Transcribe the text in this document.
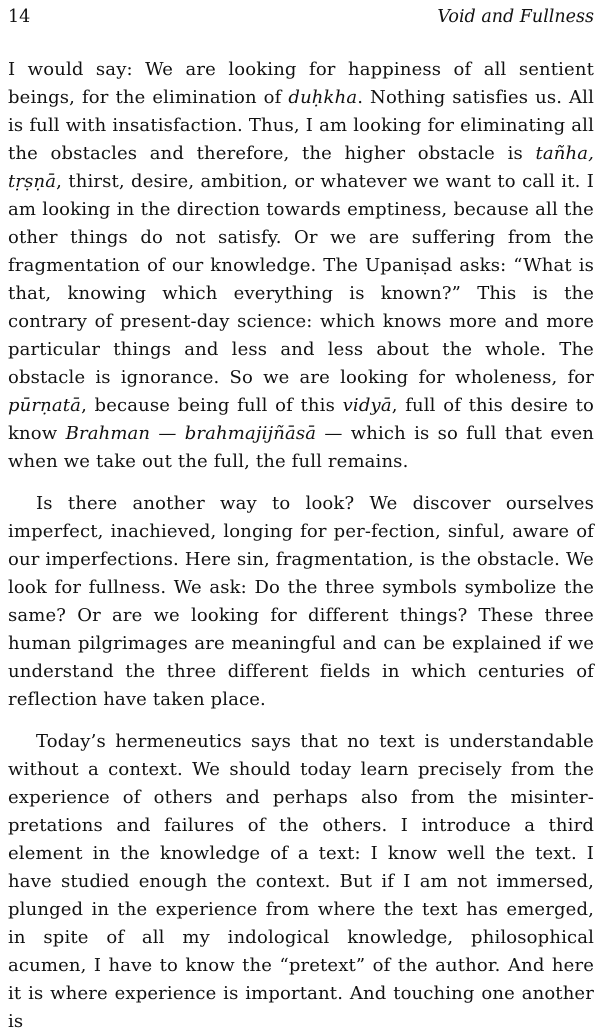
14	Void and Fullness

I would say: We are looking for happiness of all sentient beings, for the elimination of duḥkha. Nothing satisfies us. All is full with insatisfaction. Thus, I am looking for eliminating all the obstacles and therefore, the higher obstacle is tañha, tṛṣṇā, thirst, desire, ambition, or whatever we want to call it. I am looking in the direction towards emptiness, because all the other things do not satisfy. Or we are suffering from the fragmentation of our knowledge. The Upaniṣad asks: “What is that, knowing which everything is known?” This is the contrary of present-day science: which knows more and more particular things and less and less about the whole. The obstacle is ignorance. So we are looking for wholeness, for pūrṇatā, because being full of this vidyā, full of this desire to know Brahman — brahmajijñāsā — which is so full that even when we take out the full, the full remains.

Is there another way to look? We discover ourselves imperfect, inachieved, longing for per-fection, sinful, aware of our imperfections. Here sin, fragmentation, is the obstacle. We look for fullness. We ask: Do the three symbols symbolize the same? Or are we looking for different things? These three human pilgrimages are meaningful and can be explained if we understand the three different fields in which centuries of reflection have taken place.

Today’s hermeneutics says that no text is understandable without a context. We should today learn precisely from the experience of others and perhaps also from the misinter-pretations and failures of the others. I introduce a third element in the knowledge of a text: I know well the text. I have studied enough the context. But if I am not immersed, plunged in the experience from where the text has emerged, in spite of all my indological knowledge, philosophical acumen, I have to know the “pretext” of the author. And here it is where experience is important. And touching one another is
